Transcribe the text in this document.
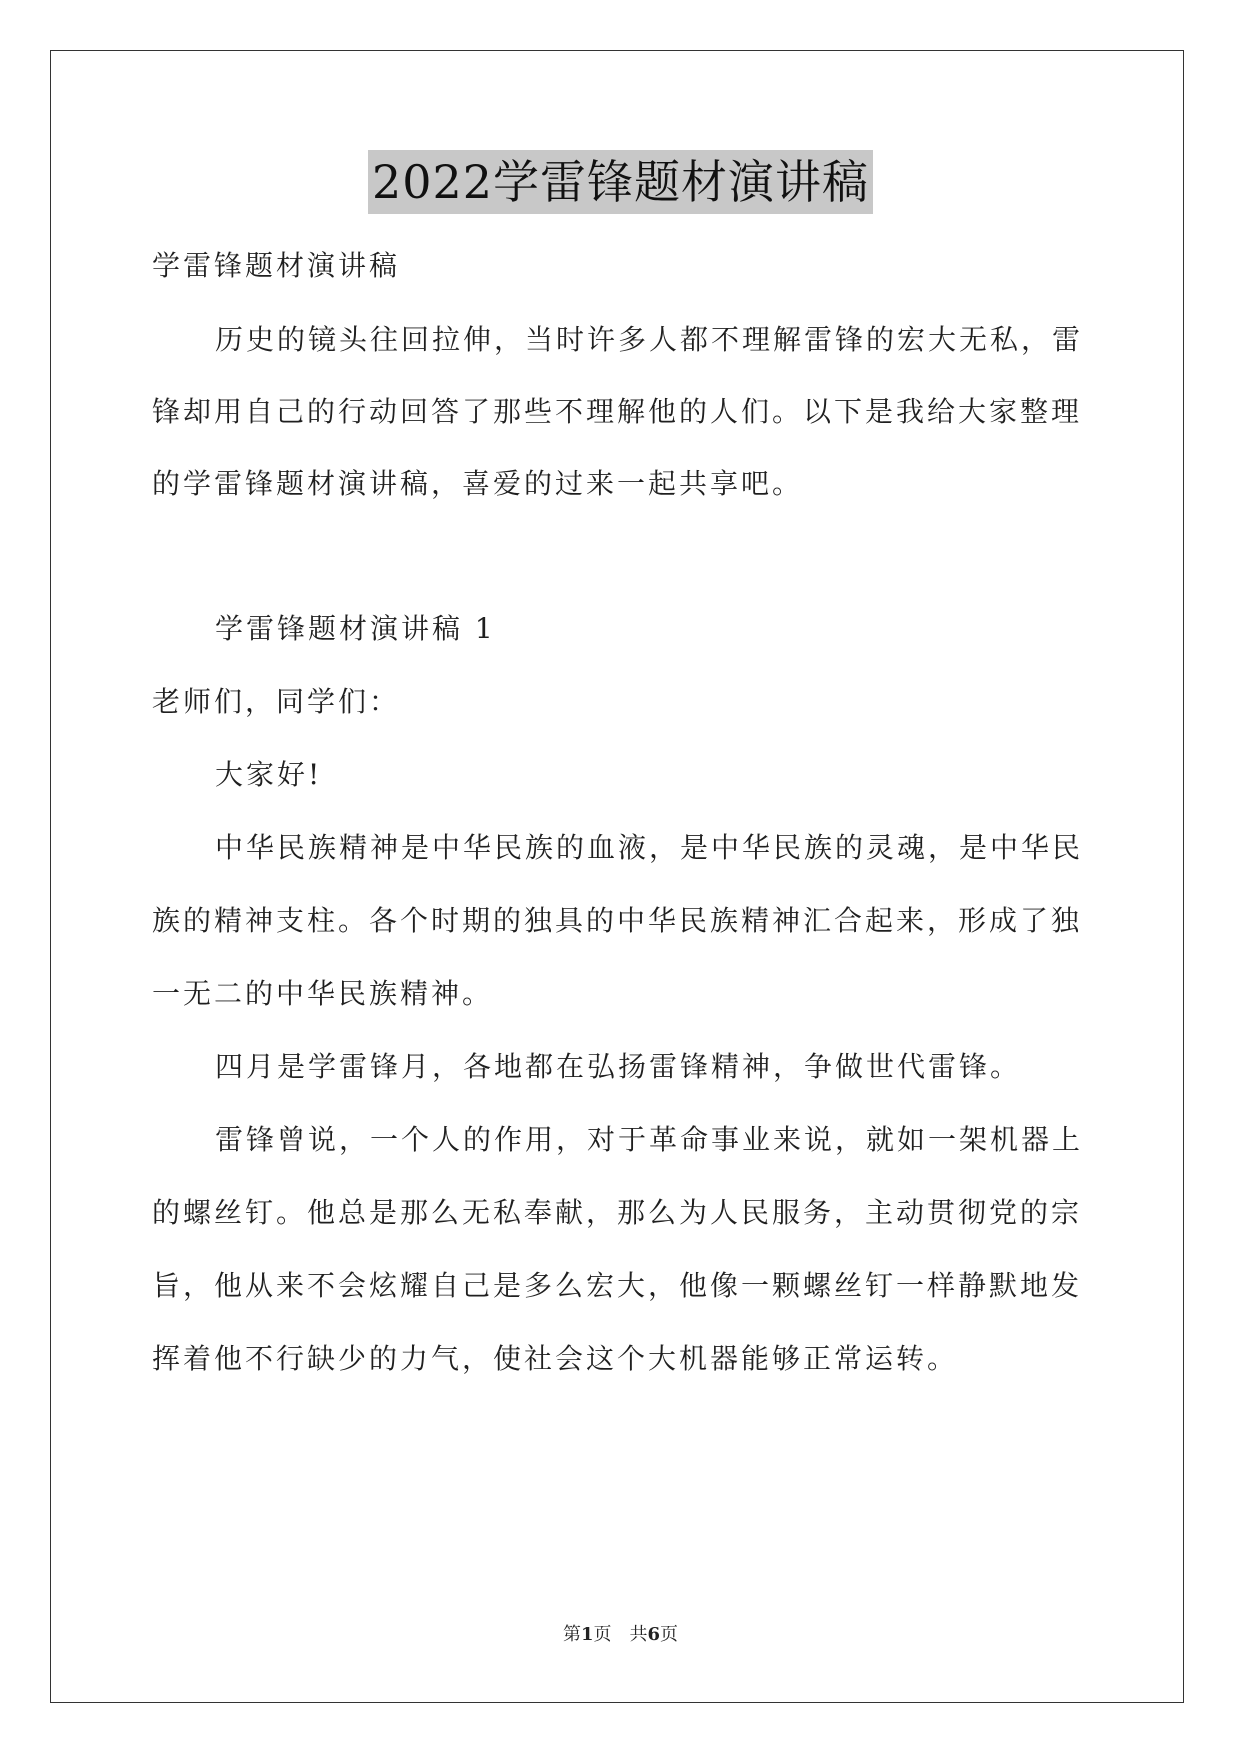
2022学雷锋题材演讲稿
学雷锋题材演讲稿
历史的镜头往回拉伸，当时许多人都不理解雷锋的宏大无私，雷
锋却用自己的行动回答了那些不理解他的人们。以下是我给大家整理
的学雷锋题材演讲稿，喜爱的过来一起共享吧。
学雷锋题材演讲稿 1
老师们，同学们：
大家好!
中华民族精神是中华民族的血液，是中华民族的灵魂，是中华民
族的精神支柱。各个时期的独具的中华民族精神汇合起来，形成了独
一无二的中华民族精神。
四月是学雷锋月，各地都在弘扬雷锋精神，争做世代雷锋。
雷锋曾说，一个人的作用，对于革命事业来说，就如一架机器上
的螺丝钉。他总是那么无私奉献，那么为人民服务，主动贯彻党的宗
旨，他从来不会炫耀自己是多么宏大，他像一颗螺丝钉一样静默地发
挥着他不行缺少的力气，使社会这个大机器能够正常运转。
第1页　共6页
